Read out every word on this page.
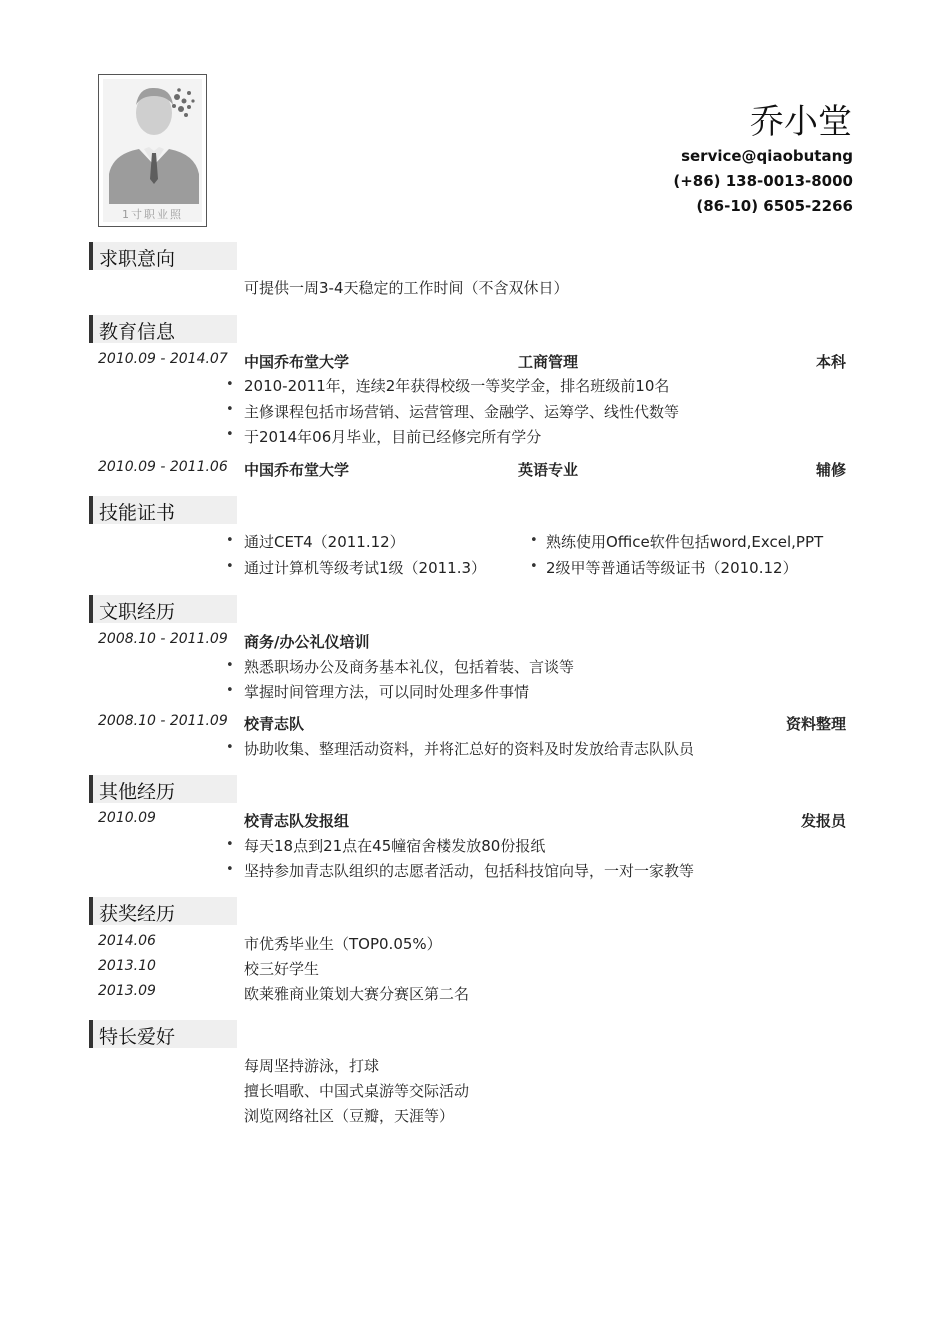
1寸职业照
乔小堂
service@qiaobutang
(+86) 138-0013-8000
(86-10) 6505-2266
求职意向
可提供一周3-4天稳定的工作时间（不含双休日）
教育信息
2010.09 - 2014.07 中国乔布堂大学	工商管理	本科
• 2010-2011年，连续2年获得校级一等奖学金，排名班级前10名
• 主修课程包括市场营销、运营管理、金融学、运筹学、线性代数等
• 于2014年06月毕业，目前已经修完所有学分
2010.09 - 2011.06 中国乔布堂大学	英语专业	辅修
技能证书
• 通过CET4（2011.12）
• 通过计算机等级考试1级（2011.3）
• 熟练使用Office软件包括word,Excel,PPT
• 2级甲等普通话等级证书（2010.12）
文职经历
2008.10 - 2011.09 商务/办公礼仪培训
• 熟悉职场办公及商务基本礼仪，包括着装、言谈等
• 掌握时间管理方法，可以同时处理多件事情
2008.10 - 2011.09 校青志队	资料整理
• 协助收集、整理活动资料，并将汇总好的资料及时发放给青志队队员
其他经历
2010.09	校青志队发报组	发报员
• 每天18点到21点在45幢宿舍楼发放80份报纸
• 坚持参加青志队组织的志愿者活动，包括科技馆向导，一对一家教等
获奖经历
2014.06	市优秀毕业生（TOP0.05%）
2013.10	校三好学生
2013.09	欧莱雅商业策划大赛分赛区第二名
特长爱好
每周坚持游泳，打球
擅长唱歌、中国式桌游等交际活动
浏览网络社区（豆瓣，天涯等）
